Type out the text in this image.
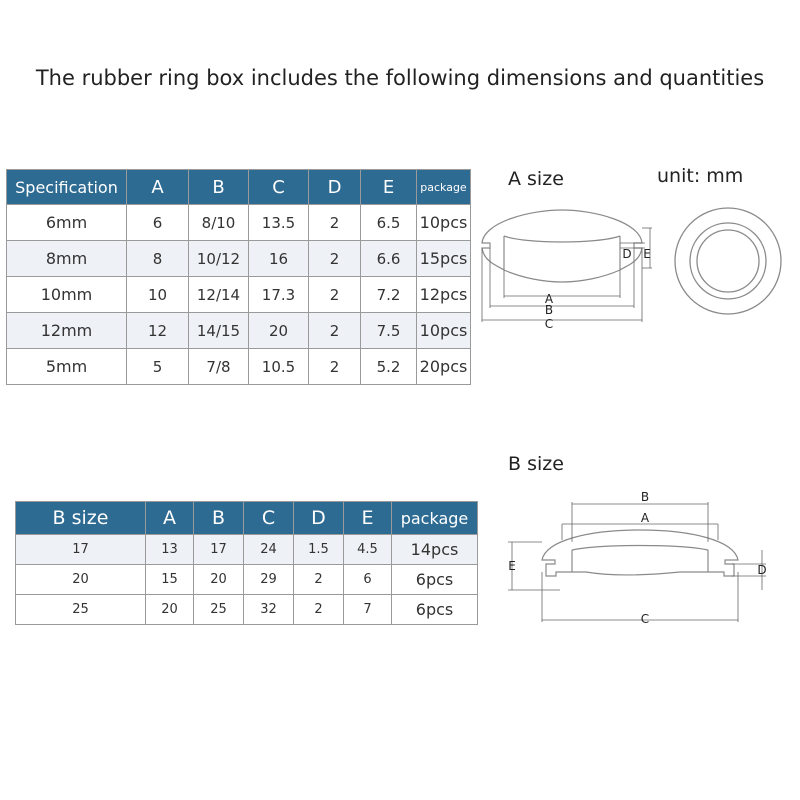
The rubber ring box includes the following dimensions and quantities
Specification	A	B	C	D	E	package
6mm	6	8/10	13.5	2	6.5	10pcs
8mm	8	10/12	16	2	6.6	15pcs
10mm	10	12/14	17.3	2	7.2	12pcs
12mm	12	14/15	20	2	7.5	10pcs
5mm	5	7/8	10.5	2	5.2	20pcs
B size	A	B	C	D	E	package
17	13	17	24	1.5	4.5	14pcs
20	15	20	29	2	6	6pcs
25	20	25	32	2	7	6pcs
A size	unit: mm
B size
A
B
C
D E
A
B
C
D
E
